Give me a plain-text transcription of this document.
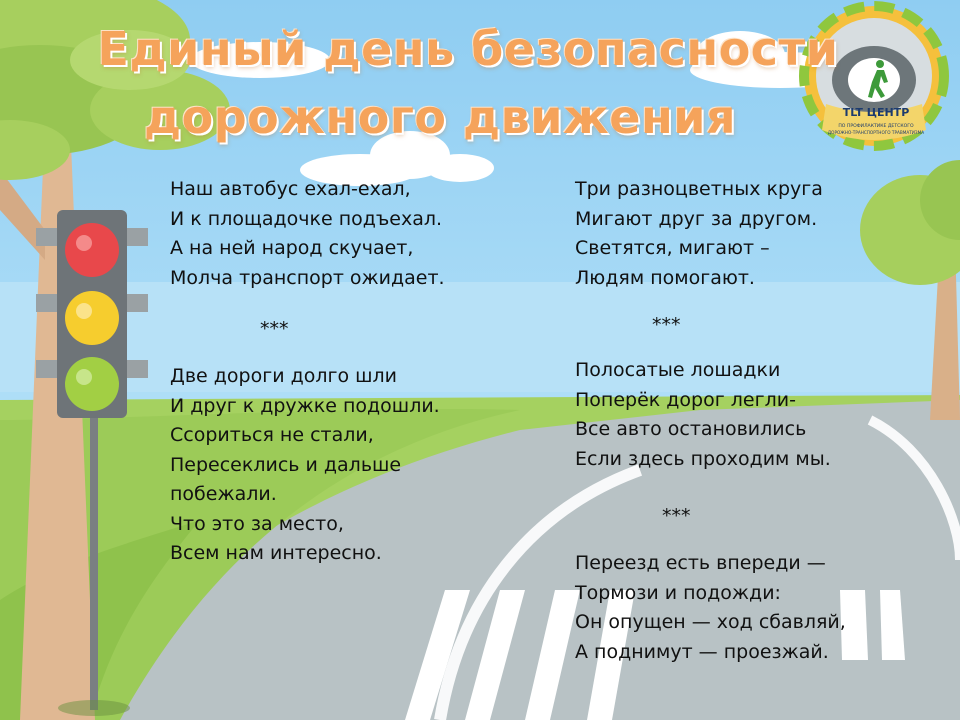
TLT ЦЕНТР
ПО ПРОФИЛАКТИКЕ ДЕТСКОГО
ДОРОЖНО-ТРАНСПОРТНОГО ТРАВМАТИЗМА
Единый день безопасности
дорожного движения
Наш автобус ехал-ехал,
И к площадочке подъехал.
А на ней народ скучает,
Молча транспорт ожидает.
***
Две дороги долго шли
И друг к дружке подошли.
Ссориться не стали,
Пересеклись и дальше
побежали.
Что это за место,
Всем нам интересно.
Три разноцветных круга
Мигают друг за другом.
Светятся, мигают –
Людям помогают.
***
Полосатые лошадки
Поперёк дорог легли-
Все авто остановились
Если здесь проходим мы.
***
Переезд есть впереди —
Тормози и подожди:
Он опущен — ход сбавляй,
А поднимут — проезжай.
